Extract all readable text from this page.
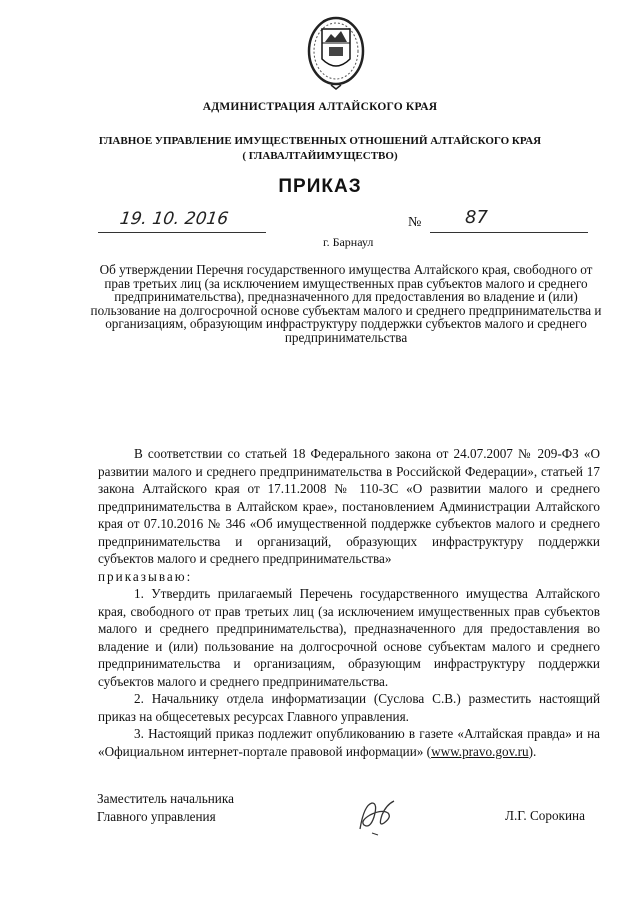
АДМИНИСТРАЦИЯ АЛТАЙСКОГО КРАЯ
ГЛАВНОЕ УПРАВЛЕНИЕ ИМУЩЕСТВЕННЫХ ОТНОШЕНИЙ АЛТАЙСКОГО КРАЯ
( ГЛАВАЛТАЙИМУЩЕСТВО)
ПРИКАЗ
19. 10. 2016	№ 87
г. Барнаул
Об утверждении Перечня государственного имущества Алтайского края, свободного от прав третьих лиц (за исключением имущественных прав субъектов малого и среднего предпринимательства), предназначенного для предоставления во владение и (или) пользование на долгосрочной основе субъектам малого и среднего предпринимательства и организациям, образующим инфраструктуру поддержки субъектов малого и среднего предпринимательства

В соответствии со статьей 18 Федерального закона от 24.07.2007 № 209-ФЗ «О развитии малого и среднего предпринимательства в Российской Федерации», статьей 17 закона Алтайского края от 17.11.2008 № 110-ЗС «О развитии малого и среднего предпринимательства в Алтайском крае», постановлением Администрации Алтайского края от 07.10.2016 № 346 «Об имущественной поддержке субъектов малого и среднего предпринимательства и организаций, образующих инфраструктуру поддержки субъектов малого и среднего предпринимательства»

приказываю:

1. Утвердить прилагаемый Перечень государственного имущества Алтайского края, свободного от прав третьих лиц (за исключением имущественных прав субъектов малого и среднего предпринимательства), предназначенного для предоставления во владение и (или) пользование на долгосрочной основе субъектам малого и среднего предпринимательства и организациям, образующим инфраструктуру поддержки субъектов малого и среднего предпринимательства.

2. Начальнику отдела информатизации (Суслова С.В.) разместить настоящий приказ на общесетевых ресурсах Главного управления.

3. Настоящий приказ подлежит опубликованию в газете «Алтайская правда» и на «Официальном интернет-портале правовой информации» (www.pravo.gov.ru).

Заместитель начальника
Главного управления	Л.Г. Сорокина
